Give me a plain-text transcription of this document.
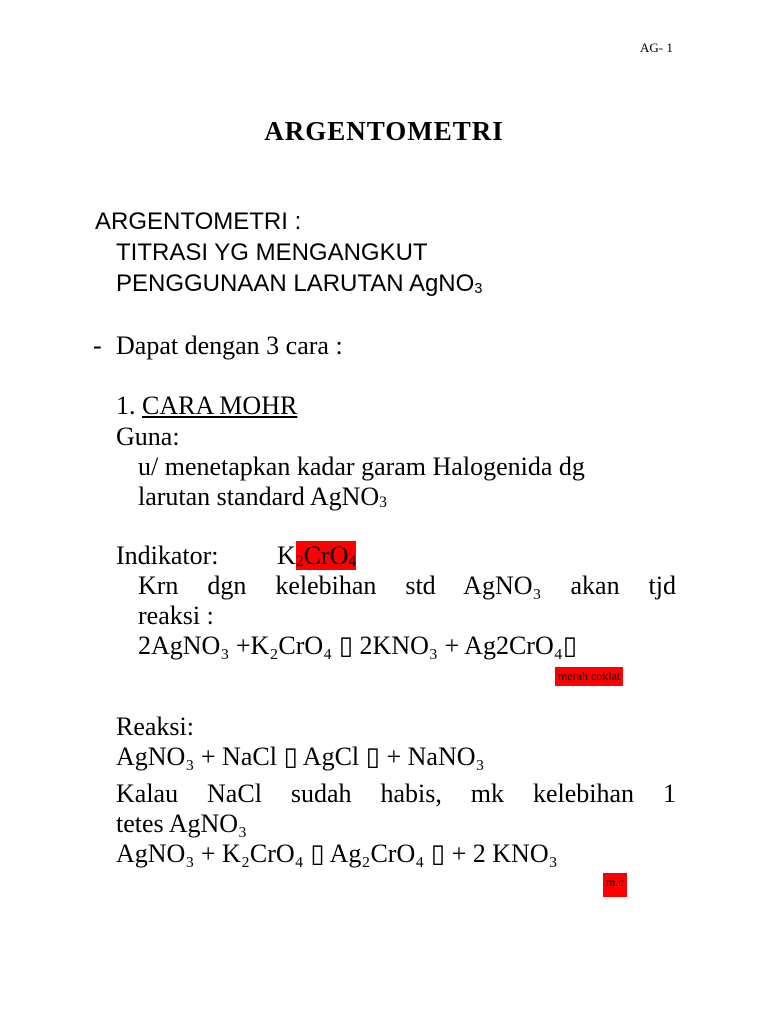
AG- 1
ARGENTOMETRI
ARGENTOMETRI :
TITRASI YG MENGANGKUT
PENGGUNAAN LARUTAN AgNO$_3$
- Dapat dengan 3 cara :
1. CARA MOHR
Guna:
u/ menetapkan kadar garam Halogenida dg
larutan standard AgNO$_3$
Indikator: $K_2CrO_4$
Krn dgn kelebihan std AgNO₃ akan tjd
reaksi :
2AgNO₃ +K₂CrO₄ ▯ 2KNO₃ + Ag2CrO₄▯
merah coklat
Reaksi:
AgNO₃ + NaCl ▯ AgCl ▯ + NaNO₃
Kalau NaCl sudah habis, mk kelebihan 1
tetes AgNO₃
AgNO₃ + K₂CrO₄ ▯ Ag₂CrO₄ ▯ + 2 KNO₃
m.c
